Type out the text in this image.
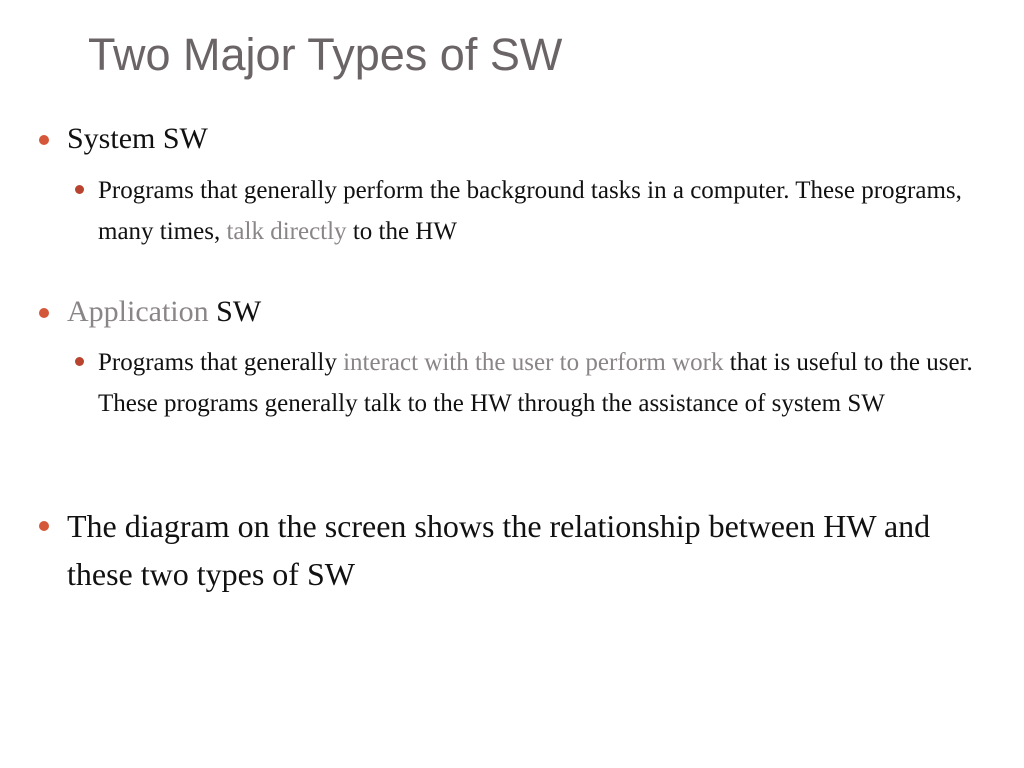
Two Major Types of SW
System SW
Programs that generally perform the background tasks in a computer. These programs, many times, talk directly to the HW
Application SW
Programs that generally interact with the user to perform work that is useful to the user. These programs generally talk to the HW through the assistance of system SW
The diagram on the screen shows the relationship between HW and these two types of SW
